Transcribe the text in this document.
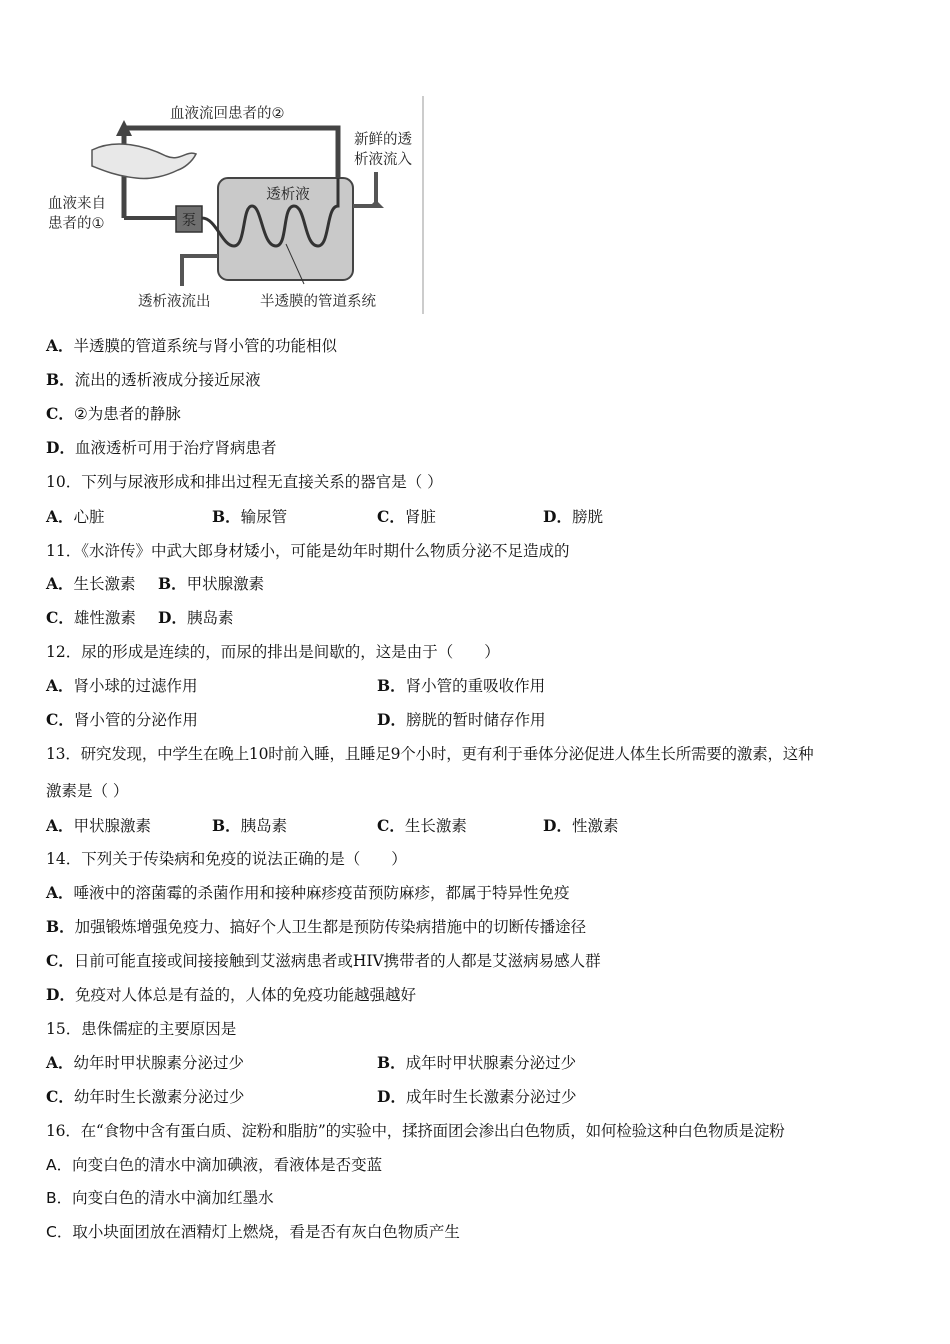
泵
透析液
血液流回患者的②
新鲜的透
析液流入
血液来自
患者的①
透析液流出	半透膜的管道系统
A．半透膜的管道系统与肾小管的功能相似
B．流出的透析液成分接近尿液
C．②为患者的静脉
D．血液透析可用于治疗肾病患者
10．下列与尿液形成和排出过程无直接关系的器官是（ ）
A．心脏	B．输尿管	C．肾脏	D．膀胱
11．《水浒传》中武大郎身材矮小，可能是幼年时期什么物质分泌不足造成的
A．生长激素 B．甲状腺激素
C．雄性激素 D．胰岛素
12．尿的形成是连续的，而尿的排出是间歇的，这是由于（　　）
A．肾小球的过滤作用	B．肾小管的重吸收作用
C．肾小管的分泌作用	D．膀胱的暂时储存作用
13．研究发现，中学生在晚上10时前入睡，且睡足9个小时，更有利于垂体分泌促进人体生长所需要的激素，这种
激素是（ ）
A．甲状腺激素	B．胰岛素	C．生长激素	D．性激素
14．下列关于传染病和免疫的说法正确的是（　　）
A．唾液中的溶菌霉的杀菌作用和接种麻疹疫苗预防麻疹，都属于特异性免疫
B．加强锻炼增强免疫力、搞好个人卫生都是预防传染病措施中的切断传播途径
C．日前可能直接或间接接触到艾滋病患者或HIV携带者的人都是艾滋病易感人群
D．免疫对人体总是有益的，人体的免疫功能越强越好
15．患侏儒症的主要原因是
A．幼年时甲状腺素分泌过少	B．成年时甲状腺素分泌过少
C．幼年时生长激素分泌过少	D．成年时生长激素分泌过少
16．在“食物中含有蛋白质、淀粉和脂肪”的实验中，揉挤面团会渗出白色物质，如何检验这种白色物质是淀粉
A．向变白色的清水中滴加碘液，看液体是否变蓝
B．向变白色的清水中滴加红墨水
C．取小块面团放在酒精灯上燃烧，看是否有灰白色物质产生
